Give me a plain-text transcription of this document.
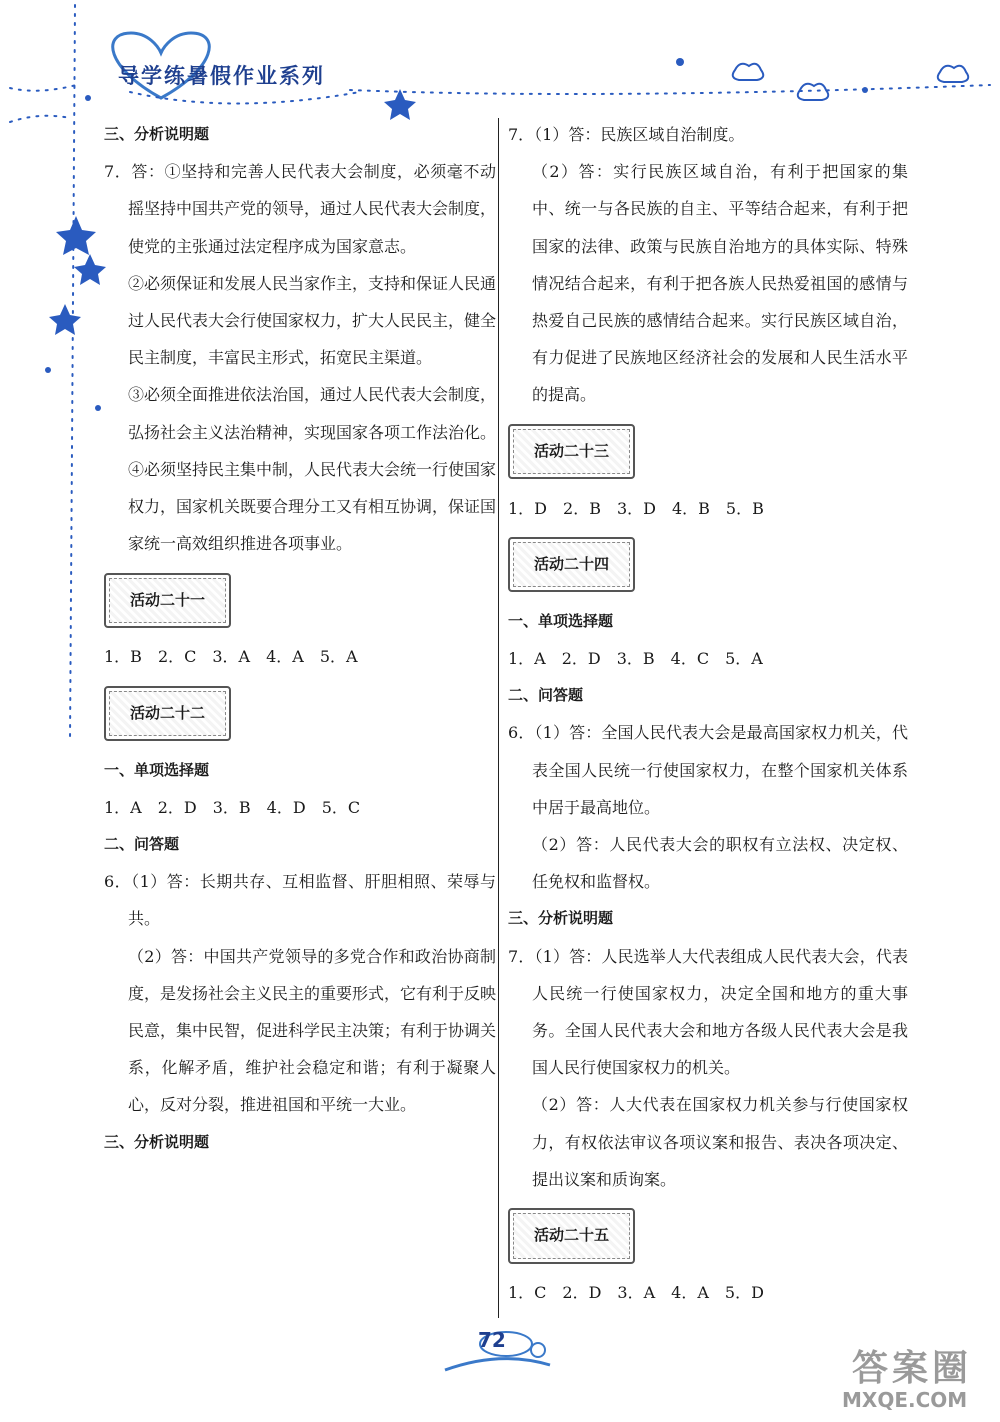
导学练暑假作业系列

三、分析说明题

7．答：①坚持和完善人民代表大会制度，必须毫不动摇坚持中国共产党的领导，通过人民代表大会制度，使党的主张通过法定程序成为国家意志。

②必须保证和发展人民当家作主，支持和保证人民通过人民代表大会行使国家权力，扩大人民民主，健全民主制度，丰富民主形式，拓宽民主渠道。

③必须全面推进依法治国，通过人民代表大会制度，弘扬社会主义法治精神，实现国家各项工作法治化。

④必须坚持民主集中制，人民代表大会统一行使国家权力，国家机关既要合理分工又有相互协调，保证国家统一高效组织推进各项事业。

活动二十一

1．B　2．C　3．A　4．A　5．A

活动二十二

一、单项选择题

1．A　2．D　3．B　4．D　5．C

二、问答题

6．（1）答：长期共存、互相监督、肝胆相照、荣辱与共。

（2）答：中国共产党领导的多党合作和政治协商制度，是发扬社会主义民主的重要形式，它有利于反映民意，集中民智，促进科学民主决策；有利于协调关系，化解矛盾，维护社会稳定和谐；有利于凝聚人心，反对分裂，推进祖国和平统一大业。

三、分析说明题

7．（1）答：民族区域自治制度。

（2）答：实行民族区域自治，有利于把国家的集中、统一与各民族的自主、平等结合起来，有利于把国家的法律、政策与民族自治地方的具体实际、特殊情况结合起来，有利于把各族人民热爱祖国的感情与热爱自己民族的感情结合起来。实行民族区域自治，有力促进了民族地区经济社会的发展和人民生活水平的提高。

活动二十三

1．D　2．B　3．D　4．B　5．B

活动二十四

一、单项选择题

1．A　2．D　3．B　4．C　5．A

二、问答题

6．（1）答：全国人民代表大会是最高国家权力机关，代表全国人民统一行使国家权力，在整个国家机关体系中居于最高地位。

（2）答：人民代表大会的职权有立法权、决定权、任免权和监督权。

三、分析说明题

7．（1）答：人民选举人大代表组成人民代表大会，代表人民统一行使国家权力，决定全国和地方的重大事务。全国人民代表大会和地方各级人民代表大会是我国人民行使国家权力的机关。

（2）答：人大代表在国家权力机关参与行使国家权力，有权依法审议各项议案和报告、表决各项决定、提出议案和质询案。

活动二十五

1．C　2．D　3．A　4．A　5．D

72
答案圈
MXQE.COM
